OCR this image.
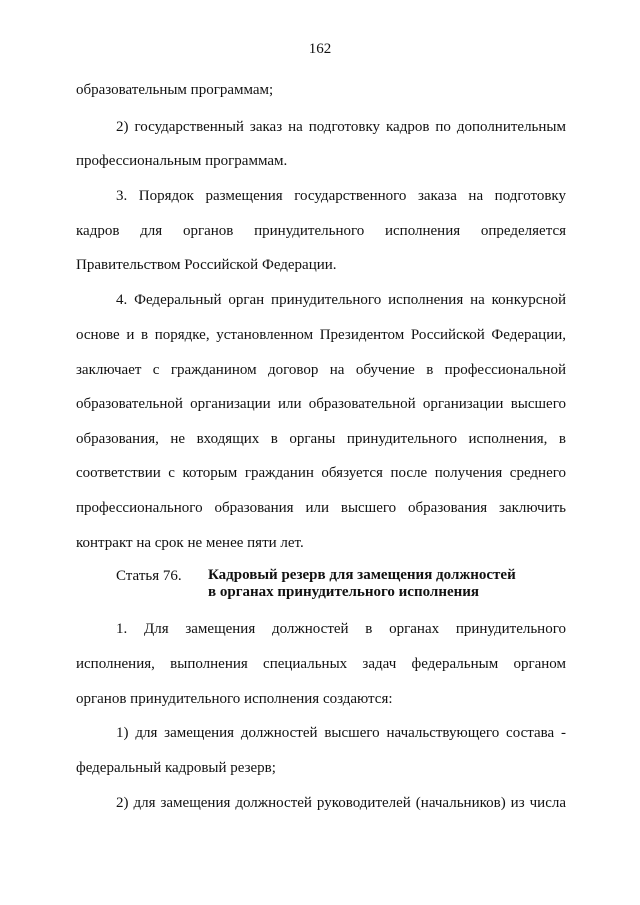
162
образовательным программам;
2) государственный заказ на подготовку кадров по дополнительным
профессиональным программам.
3. Порядок размещения государственного заказа на подготовку
кадров для органов принудительного исполнения определяется
Правительством Российской Федерации.
4. Федеральный орган принудительного исполнения на конкурсной
основе и в порядке, установленном Президентом Российской Федерации,
заключает с гражданином договор на обучение в профессиональной
образовательной организации или образовательной организации высшего
образования, не входящих в органы принудительного исполнения, в
соответствии с которым гражданин обязуется после получения среднего
профессионального образования или высшего образования заключить
контракт на срок не менее пяти лет.
Статья 76. Кадровый резерв для замещения должностей
в органах принудительного исполнения
1. Для замещения должностей в органах принудительного
исполнения, выполнения специальных задач федеральным органом
органов принудительного исполнения создаются:
1) для замещения должностей высшего начальствующего состава -
федеральный кадровый резерв;
2) для замещения должностей руководителей (начальников) из числа
